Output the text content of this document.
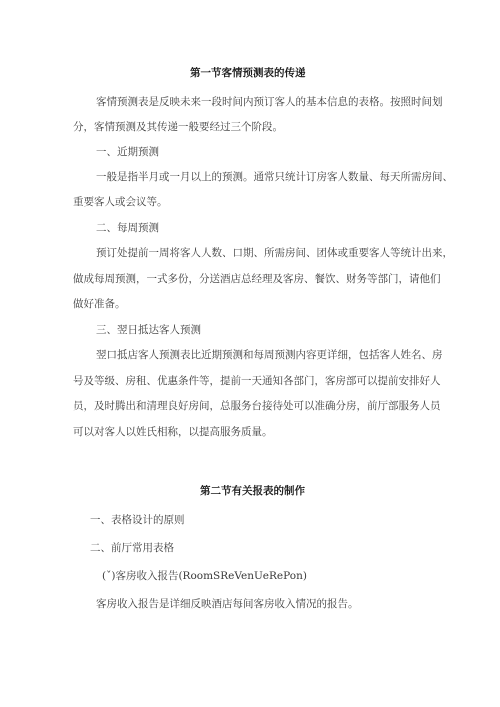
第一节客情预测表的传递
客情预测表是反映未来一段时间内预订客人的基本信息的表格。按照时间划
分，客情预测及其传递一般要经过三个阶段。
一、近期预测
一般是指半月或一月以上的预测。通常只统计订房客人数量、每天所需房间、
重要客人或会议等。
二、每周预测
预订处提前一周将客人人数、口期、所需房间、团体或重要客人等统计出来，
做成每周预测，一式多份，分送酒店总经理及客房、餐饮、财务等部门，请他们
做好准备。
三、翌日抵达客人预测
翌口抵店客人预测表比近期预测和每周预测内容更详细，包括客人姓名、房
号及等级、房租、优惠条件等，提前一天通知各部门，客房部可以提前安排好人
员，及时腾出和清理良好房间，总服务台接待处可以准确分房，前厅部服务人员
可以对客人以姓氏相称，以提高服务质量。
第二节有关报表的制作
一、表格设计的原则
二、前厅常用表格
(ˇ)客房收入报告(RoomSReVenUeRePon)
客房收入报告是详细反映酒店每间客房收入情况的报告。
